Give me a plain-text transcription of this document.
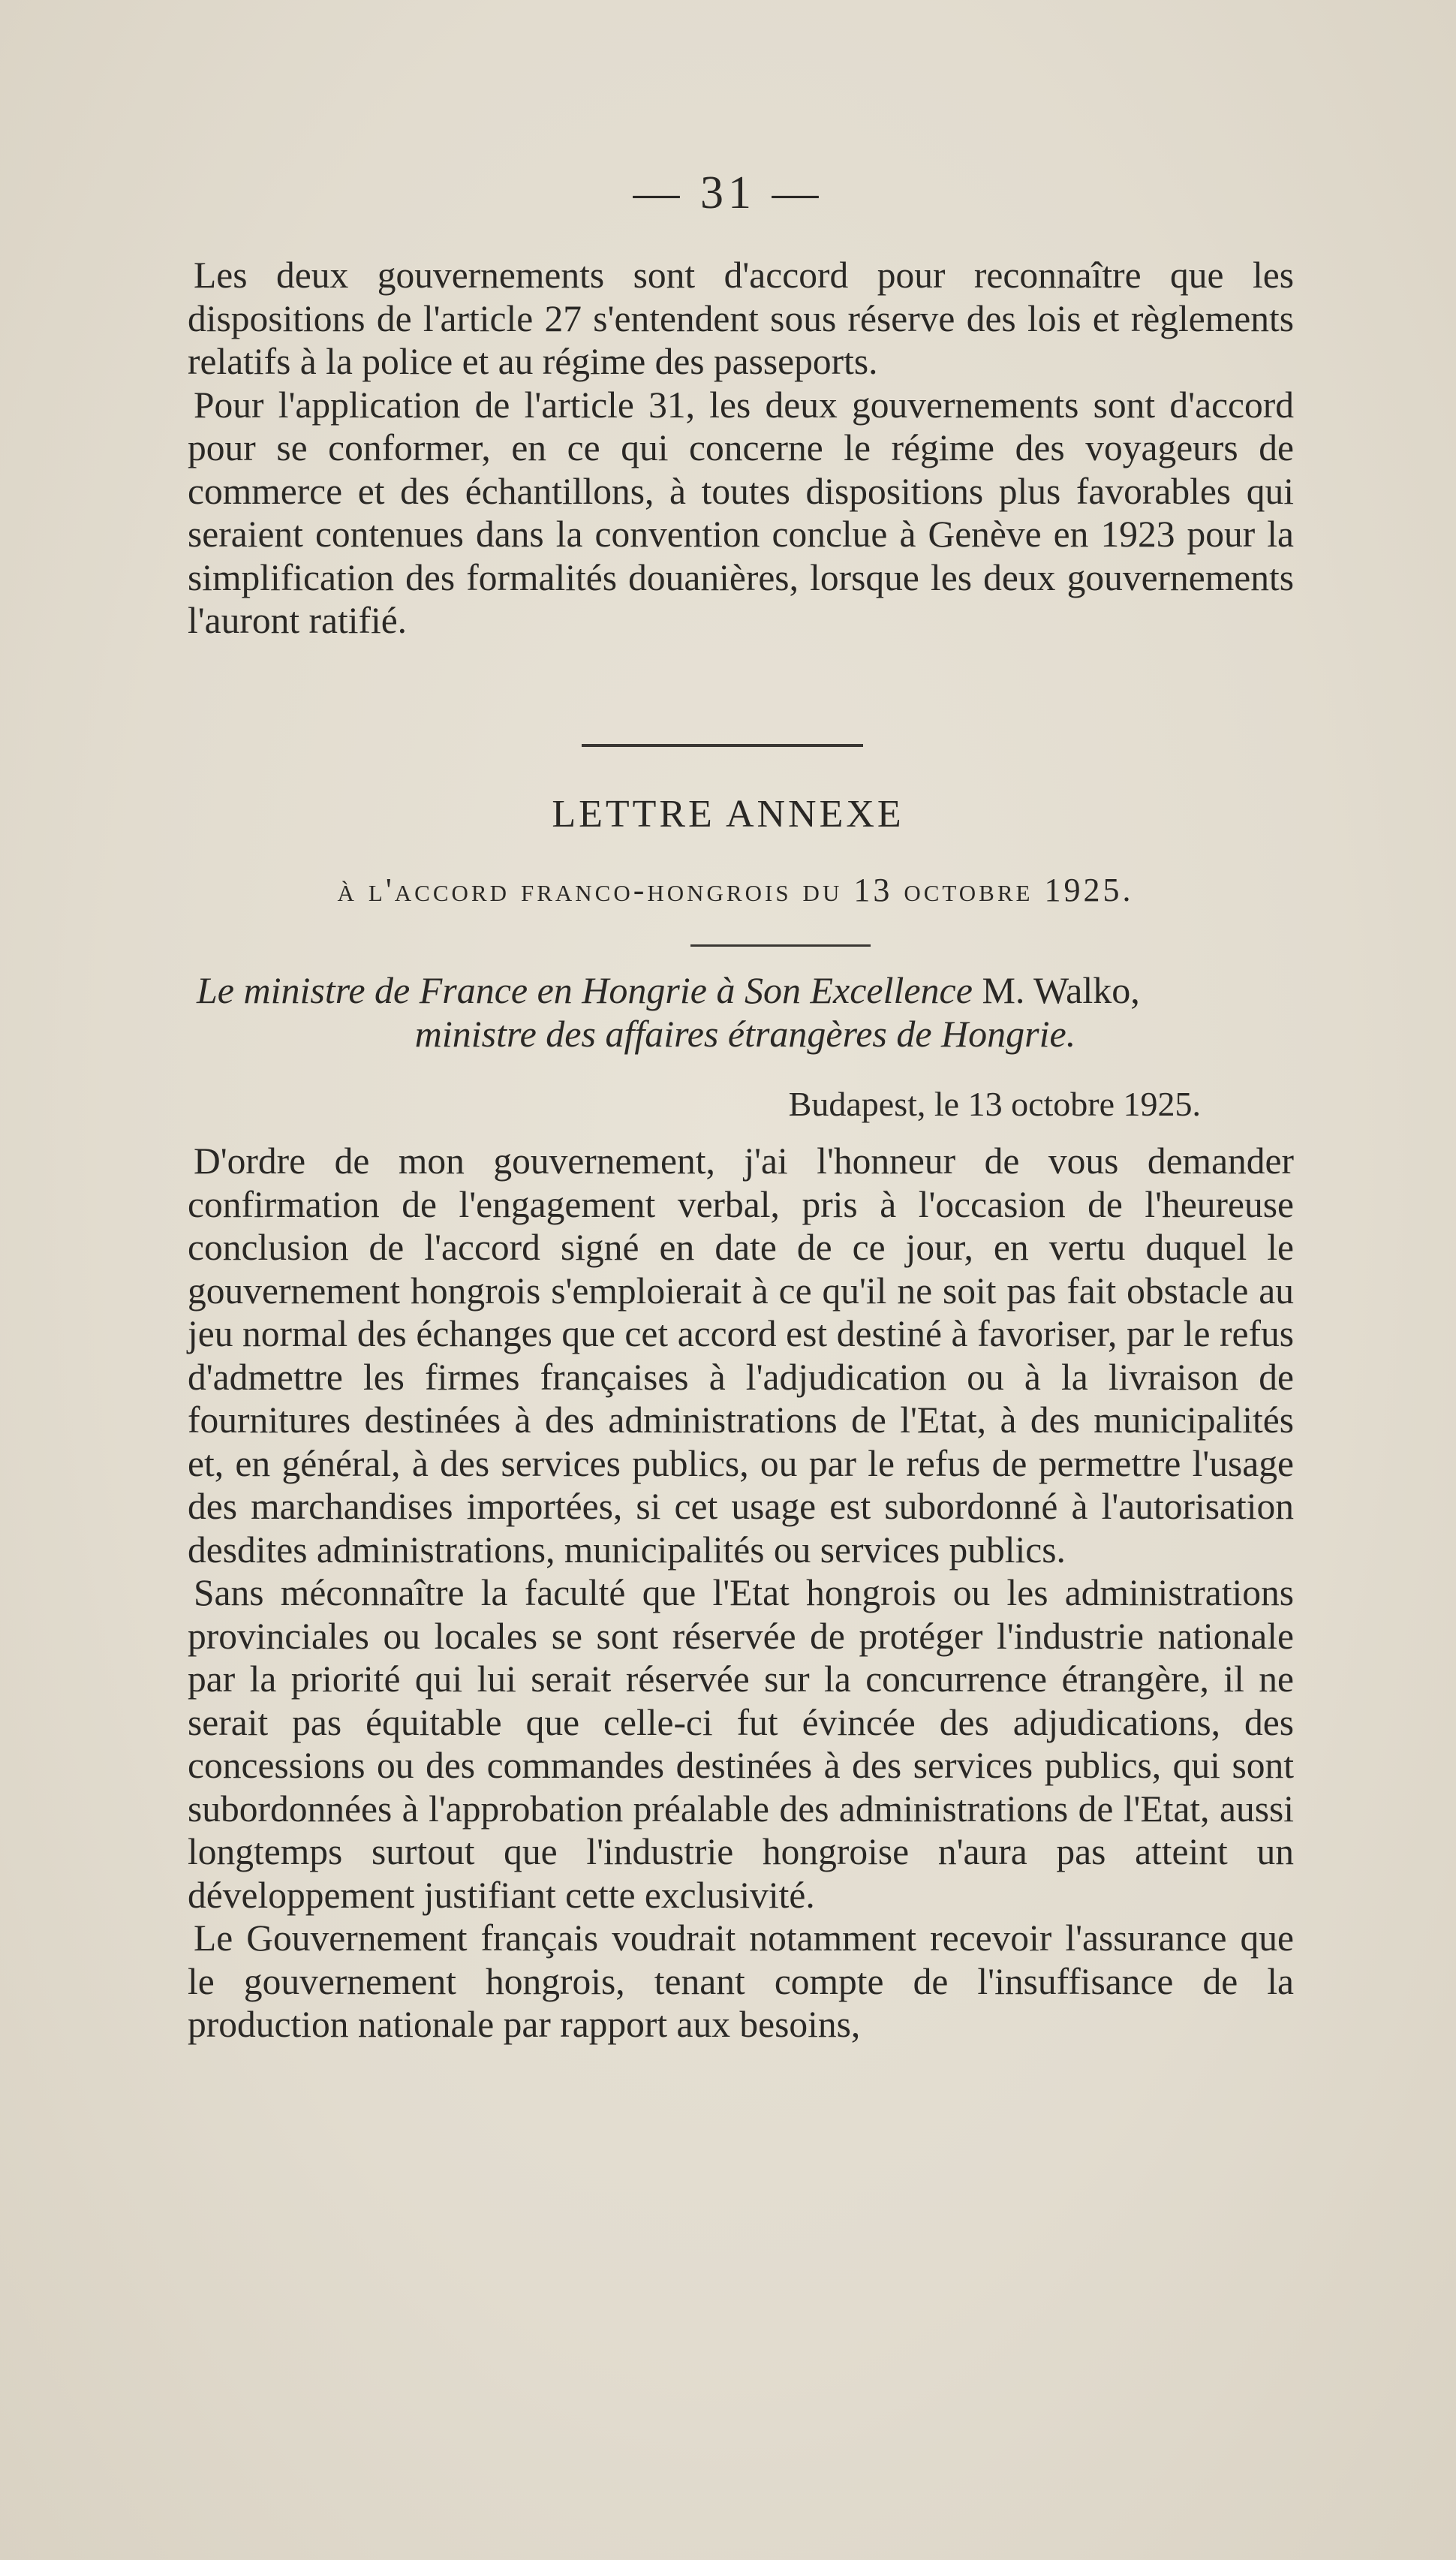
— 31 —

Les deux gouvernements sont d'accord pour reconnaître que les dispositions de l'article 27 s'entendent sous réserve des lois et règlements relatifs à la police et au régime des passeports.

Pour l'application de l'article 31, les deux gouvernements sont d'accord pour se conformer, en ce qui concerne le régime des voyageurs de commerce et des échantillons, à toutes dispositions plus favorables qui seraient contenues dans la convention conclue à Genève en 1923 pour la simplification des formalités douanières, lorsque les deux gouvernements l'auront ratifié.

LETTRE ANNEXE
à l'accord franco-hongrois du 13 octobre 1925.
Le ministre de France en Hongrie à Son Excellence M. Walko,
ministre des affaires étrangères de Hongrie.
Budapest, le 13 octobre 1925.

D'ordre de mon gouvernement, j'ai l'honneur de vous demander confirmation de l'engagement verbal, pris à l'occasion de l'heureuse conclusion de l'accord signé en date de ce jour, en vertu duquel le gouvernement hongrois s'emploierait à ce qu'il ne soit pas fait obstacle au jeu normal des échanges que cet accord est destiné à favoriser, par le refus d'admettre les firmes françaises à l'adjudication ou à la livraison de fournitures destinées à des administrations de l'Etat, à des municipalités et, en général, à des services publics, ou par le refus de permettre l'usage des marchandises importées, si cet usage est subordonné à l'autorisation desdites administrations, municipalités ou services publics.

Sans méconnaître la faculté que l'Etat hongrois ou les administrations provinciales ou locales se sont réservée de protéger l'industrie nationale par la priorité qui lui serait réservée sur la concurrence étrangère, il ne serait pas équitable que celle-ci fut évincée des adjudications, des concessions ou des commandes destinées à des services publics, qui sont subordonnées à l'approbation préalable des administrations de l'Etat, aussi longtemps surtout que l'industrie hongroise n'aura pas atteint un développement justifiant cette exclusivité.

Le Gouvernement français voudrait notamment recevoir l'assurance que le gouvernement hongrois, tenant compte de l'insuffisance de la production nationale par rapport aux besoins,
